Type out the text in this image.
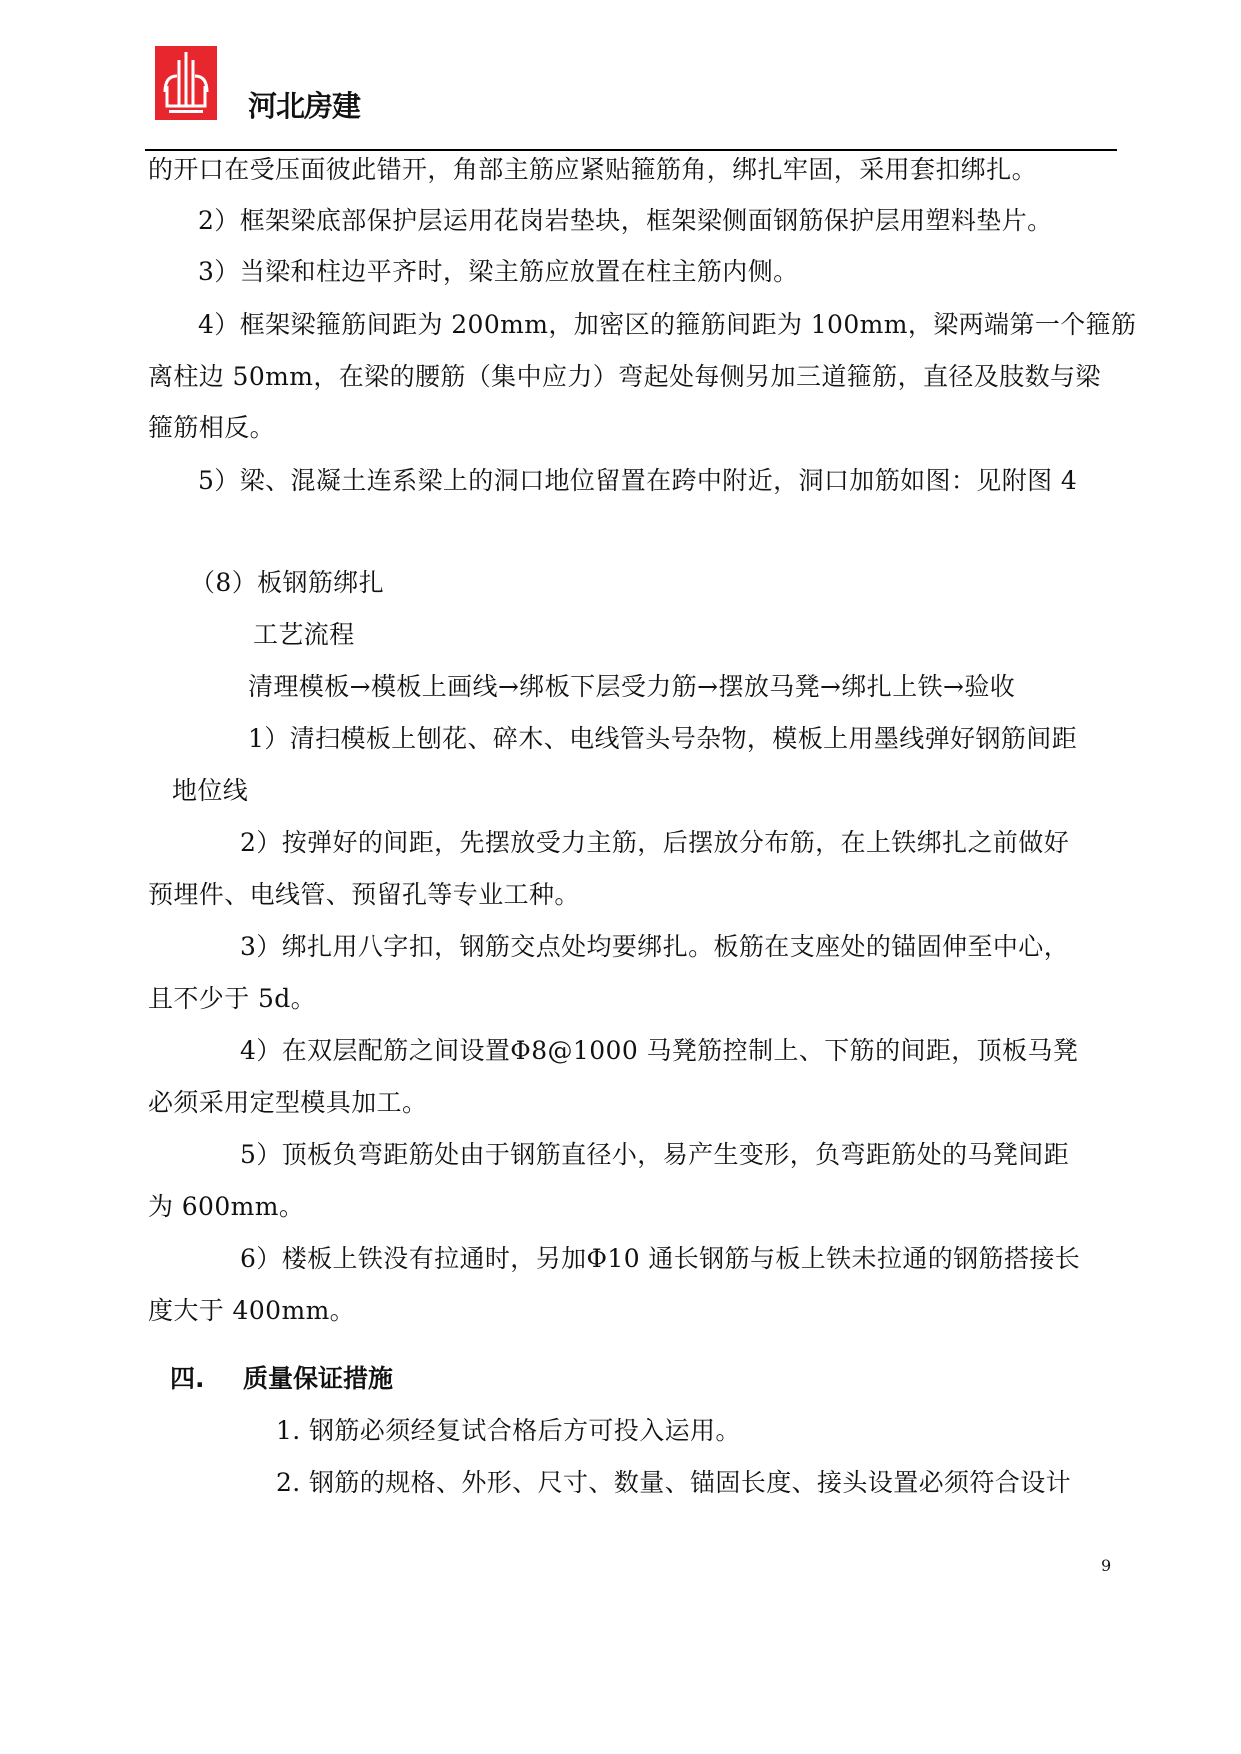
河北房建
的开口在受压面彼此错开，角部主筋应紧贴箍筋角，绑扎牢固，采用套扣绑扎。
2）框架梁底部保护层运用花岗岩垫块，框架梁侧面钢筋保护层用塑料垫片。
3）当梁和柱边平齐时，梁主筋应放置在柱主筋内侧。
4）框架梁箍筋间距为 200mm，加密区的箍筋间距为 100mm，梁两端第一个箍筋
离柱边 50mm，在梁的腰筋（集中应力）弯起处每侧另加三道箍筋，直径及肢数与梁
箍筋相反。
5）梁、混凝土连系梁上的洞口地位留置在跨中附近，洞口加筋如图：见附图 4
（8）板钢筋绑扎
工艺流程
清理模板→模板上画线→绑板下层受力筋→摆放马凳→绑扎上铁→验收
1）清扫模板上刨花、碎木、电线管头号杂物，模板上用墨线弹好钢筋间距
地位线
2）按弹好的间距，先摆放受力主筋，后摆放分布筋，在上铁绑扎之前做好
预埋件、电线管、预留孔等专业工种。
3）绑扎用八字扣，钢筋交点处均要绑扎。板筋在支座处的锚固伸至中心，
且不少于 5d。
4）在双层配筋之间设置Φ8@1000 马凳筋控制上、下筋的间距，顶板马凳
必须采用定型模具加工。
5）顶板负弯距筋处由于钢筋直径小，易产生变形，负弯距筋处的马凳间距
为 600mm。
6）楼板上铁没有拉通时，另加Φ10 通长钢筋与板上铁未拉通的钢筋搭接长
度大于 400mm。
四. 质量保证措施
1. 钢筋必须经复试合格后方可投入运用。
2. 钢筋的规格、外形、尺寸、数量、锚固长度、接头设置必须符合设计
9
